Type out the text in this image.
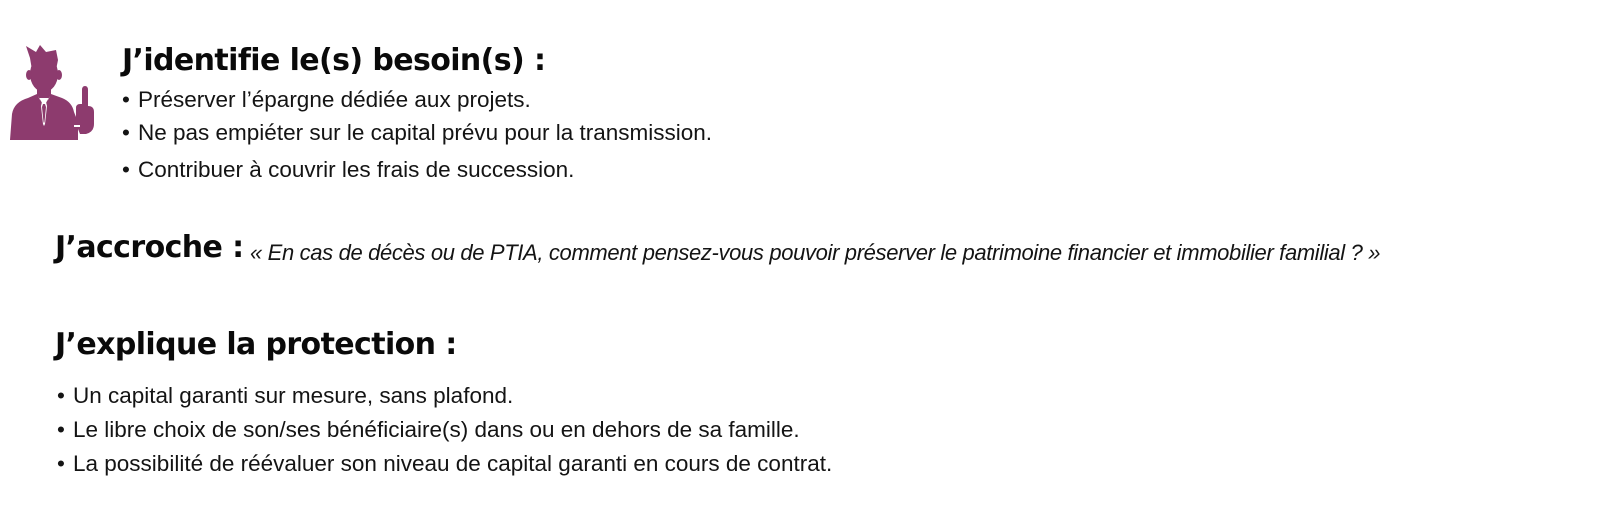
J’identifie le(s) besoin(s) :
• Préserver l’épargne dédiée aux projets.
• Ne pas empiéter sur le capital prévu pour la transmission.
• Contribuer à couvrir les frais de succession.
J’accroche : « En cas de décès ou de PTIA, comment pensez-vous pouvoir préserver le patrimoine financier et immobilier familial ? »
J’explique la protection :
• Un capital garanti sur mesure, sans plafond.
• Le libre choix de son/ses bénéficiaire(s) dans ou en dehors de sa famille.
• La possibilité de réévaluer son niveau de capital garanti en cours de contrat.
